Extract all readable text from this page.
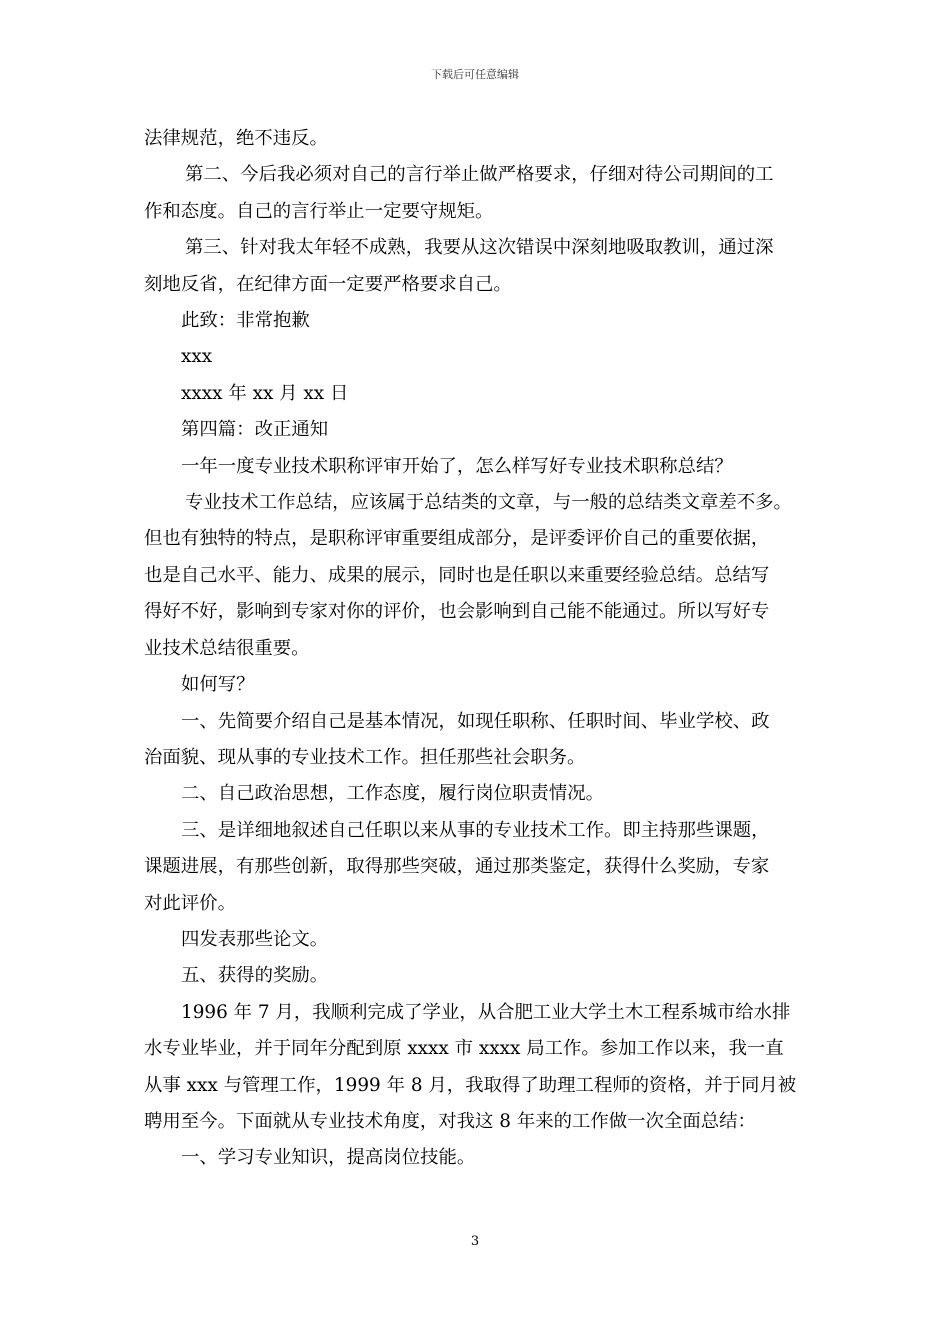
下载后可任意编辑

法律规范，绝不违反。

第二、今后我必须对自己的言行举止做严格要求，仔细对待公司期间的工

作和态度。自己的言行举止一定要守规矩。

第三、针对我太年轻不成熟，我要从这次错误中深刻地吸取教训，通过深

刻地反省，在纪律方面一定要严格要求自己。

此致：非常抱歉

xxx

xxxx 年 xx 月 xx 日

第四篇：改正通知

一年一度专业技术职称评审开始了，怎么样写好专业技术职称总结？

专业技术工作总结，应该属于总结类的文章，与一般的总结类文章差不多。

但也有独特的特点，是职称评审重要组成部分，是评委评价自己的重要依据，

也是自己水平、能力、成果的展示，同时也是任职以来重要经验总结。总结写

得好不好，影响到专家对你的评价，也会影响到自己能不能通过。所以写好专

业技术总结很重要。

如何写？

一、先简要介绍自己是基本情况，如现任职称、任职时间、毕业学校、政

治面貌、现从事的专业技术工作。担任那些社会职务。

二、自己政治思想，工作态度，履行岗位职责情况。

三、是详细地叙述自己任职以来从事的专业技术工作。即主持那些课题，

课题进展，有那些创新，取得那些突破，通过那类鉴定，获得什么奖励，专家

对此评价。

四发表那些论文。

五、获得的奖励。

1996 年 7 月，我顺利完成了学业，从合肥工业大学土木工程系城市给水排

水专业毕业，并于同年分配到原 xxxx 市 xxxx 局工作。参加工作以来，我一直

从事 xxx 与管理工作，1999 年 8 月，我取得了助理工程师的资格，并于同月被

聘用至今。下面就从专业技术角度，对我这 8 年来的工作做一次全面总结：

一、学习专业知识，提高岗位技能。

3
